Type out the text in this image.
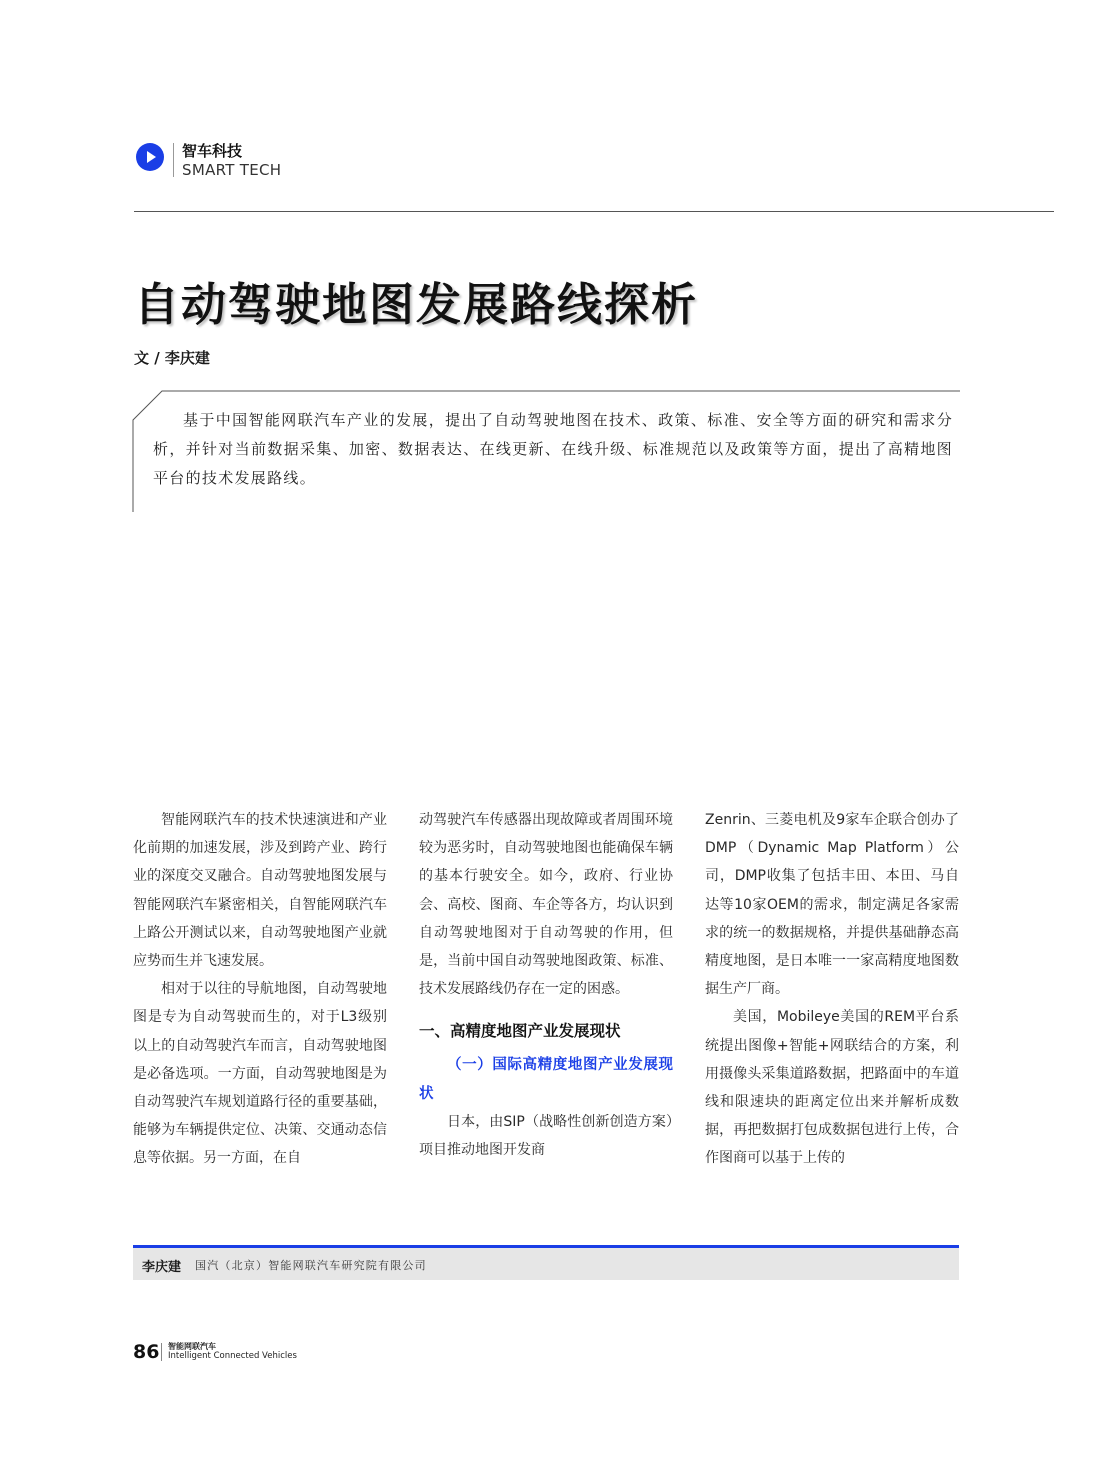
智车科技
SMART TECH
自动驾驶地图发展路线探析
文 / 李庆建
基于中国智能网联汽车产业的发展，提出了自动驾驶地图在技术、政策、标准、安全等方面的研究和需求分析，并针对当前数据采集、加密、数据表达、在线更新、在线升级、标准规范以及政策等方面，提出了高精地图平台的技术发展路线。

智能网联汽车的技术快速演进和产业化前期的加速发展，涉及到跨产业、跨行业的深度交叉融合。自动驾驶地图发展与智能网联汽车紧密相关，自智能网联汽车上路公开测试以来，自动驾驶地图产业就应势而生并飞速发展。

相对于以往的导航地图，自动驾驶地图是专为自动驾驶而生的，对于L3级别以上的自动驾驶汽车而言，自动驾驶地图是必备选项。一方面，自动驾驶地图是为自动驾驶汽车规划道路行径的重要基础，能够为车辆提供定位、决策、交通动态信息等依据。另一方面，在自

动驾驶汽车传感器出现故障或者周围环境较为恶劣时，自动驾驶地图也能确保车辆的基本行驶安全。如今，政府、行业协会、高校、图商、车企等各方，均认识到自动驾驶地图对于自动驾驶的作用，但是，当前中国自动驾驶地图政策、标准、技术发展路线仍存在一定的困惑。

一、高精度地图产业发展现状

（一）国际高精度地图产业发展现状

日本，由SIP（战略性创新创造方案）项目推动地图开发商

Zenrin、三菱电机及9家车企联合创办了DMP（Dynamic Map Platform）公司，DMP收集了包括丰田、本田、马自达等10家OEM的需求，制定满足各家需求的统一的数据规格，并提供基础静态高精度地图，是日本唯一一家高精度地图数据生产厂商。

美国，Mobileye美国的REM平台系统提出图像+智能+网联结合的方案，利用摄像头采集道路数据，把路面中的车道线和限速块的距离定位出来并解析成数据，再把数据打包成数据包进行上传，合作图商可以基于上传的

李庆建 国汽（北京）智能网联汽车研究院有限公司
86 智能网联汽车
Intelligent Connected Vehicles
